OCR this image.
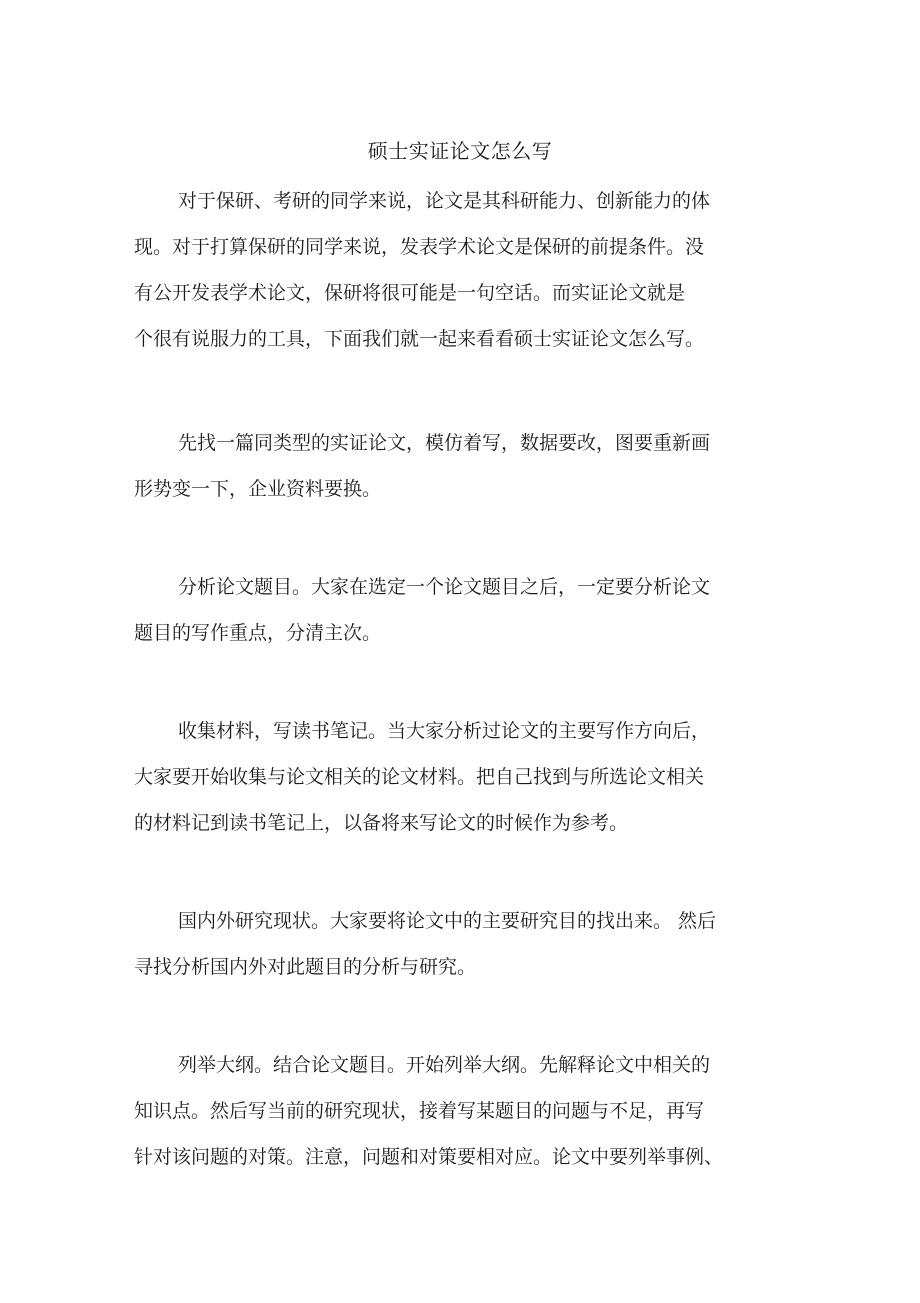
硕士实证论文怎么写
对于保研、考研的同学来说，论文是其科研能力、创新能力的体
现。对于打算保研的同学来说，发表学术论文是保研的前提条件。没
有公开发表学术论文，保研将很可能是一句空话。而实证论文就是
个很有说服力的工具，下面我们就一起来看看硕士实证论文怎么写。
先找一篇同类型的实证论文，模仿着写，数据要改，图要重新画
形势变一下，企业资料要换。
分析论文题目。大家在选定一个论文题目之后，一定要分析论文
题目的写作重点，分清主次。
收集材料，写读书笔记。当大家分析过论文的主要写作方向后，
大家要开始收集与论文相关的论文材料。把自己找到与所选论文相关
的材料记到读书笔记上，以备将来写论文的时候作为参考。
国内外研究现状。大家要将论文中的主要研究目的找出来。 然后
寻找分析国内外对此题目的分析与研究。
列举大纲。结合论文题目。开始列举大纲。先解释论文中相关的
知识点。然后写当前的研究现状，接着写某题目的问题与不足，再写
针对该问题的对策。注意，问题和对策要相对应。论文中要列举事例、
